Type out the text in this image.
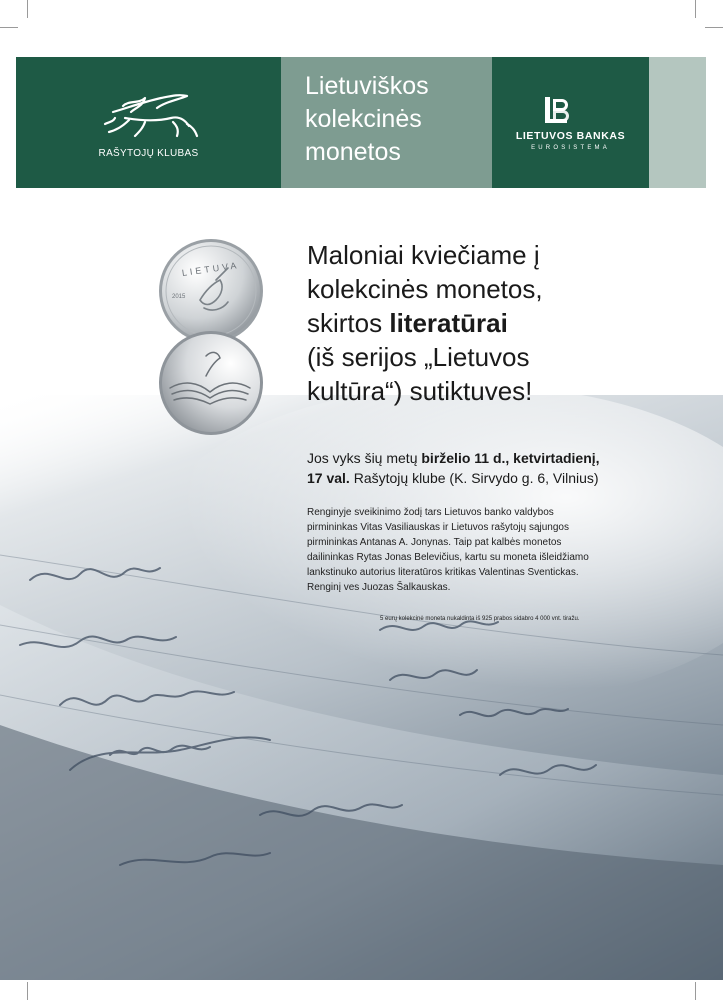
RAŠYTOJŲ KLUBAS
Lietuviškos
kolekcinės
monetos
LIETUVOS BANKAS
EUROSISTEMA
LIETUVA
2015
Maloniai kviečiame į
kolekcinės monetos,
skirtos literatūrai
(iš serijos „Lietuvos
kultūra“) sutiktuves!
Jos vyks šių metų birželio 11 d., ketvirtadienį,
17 val. Rašytojų klube (K. Sirvydo g. 6, Vilnius)
Renginyje sveikinimo žodį tars Lietuvos banko valdybos
pirmininkas Vitas Vasiliauskas ir Lietuvos rašytojų sąjungos
pirmininkas Antanas A. Jonynas. Taip pat kalbės monetos
dailininkas Rytas Jonas Belevičius, kartu su moneta išleidžiamo
lankstinuko autorius literatūros kritikas Valentinas Sventickas.
Renginį ves Juozas Šalkauskas.
5 eurų kolekcinė moneta nukaldinta iš 925 prabos sidabro 4 000 vnt. tiražu.
